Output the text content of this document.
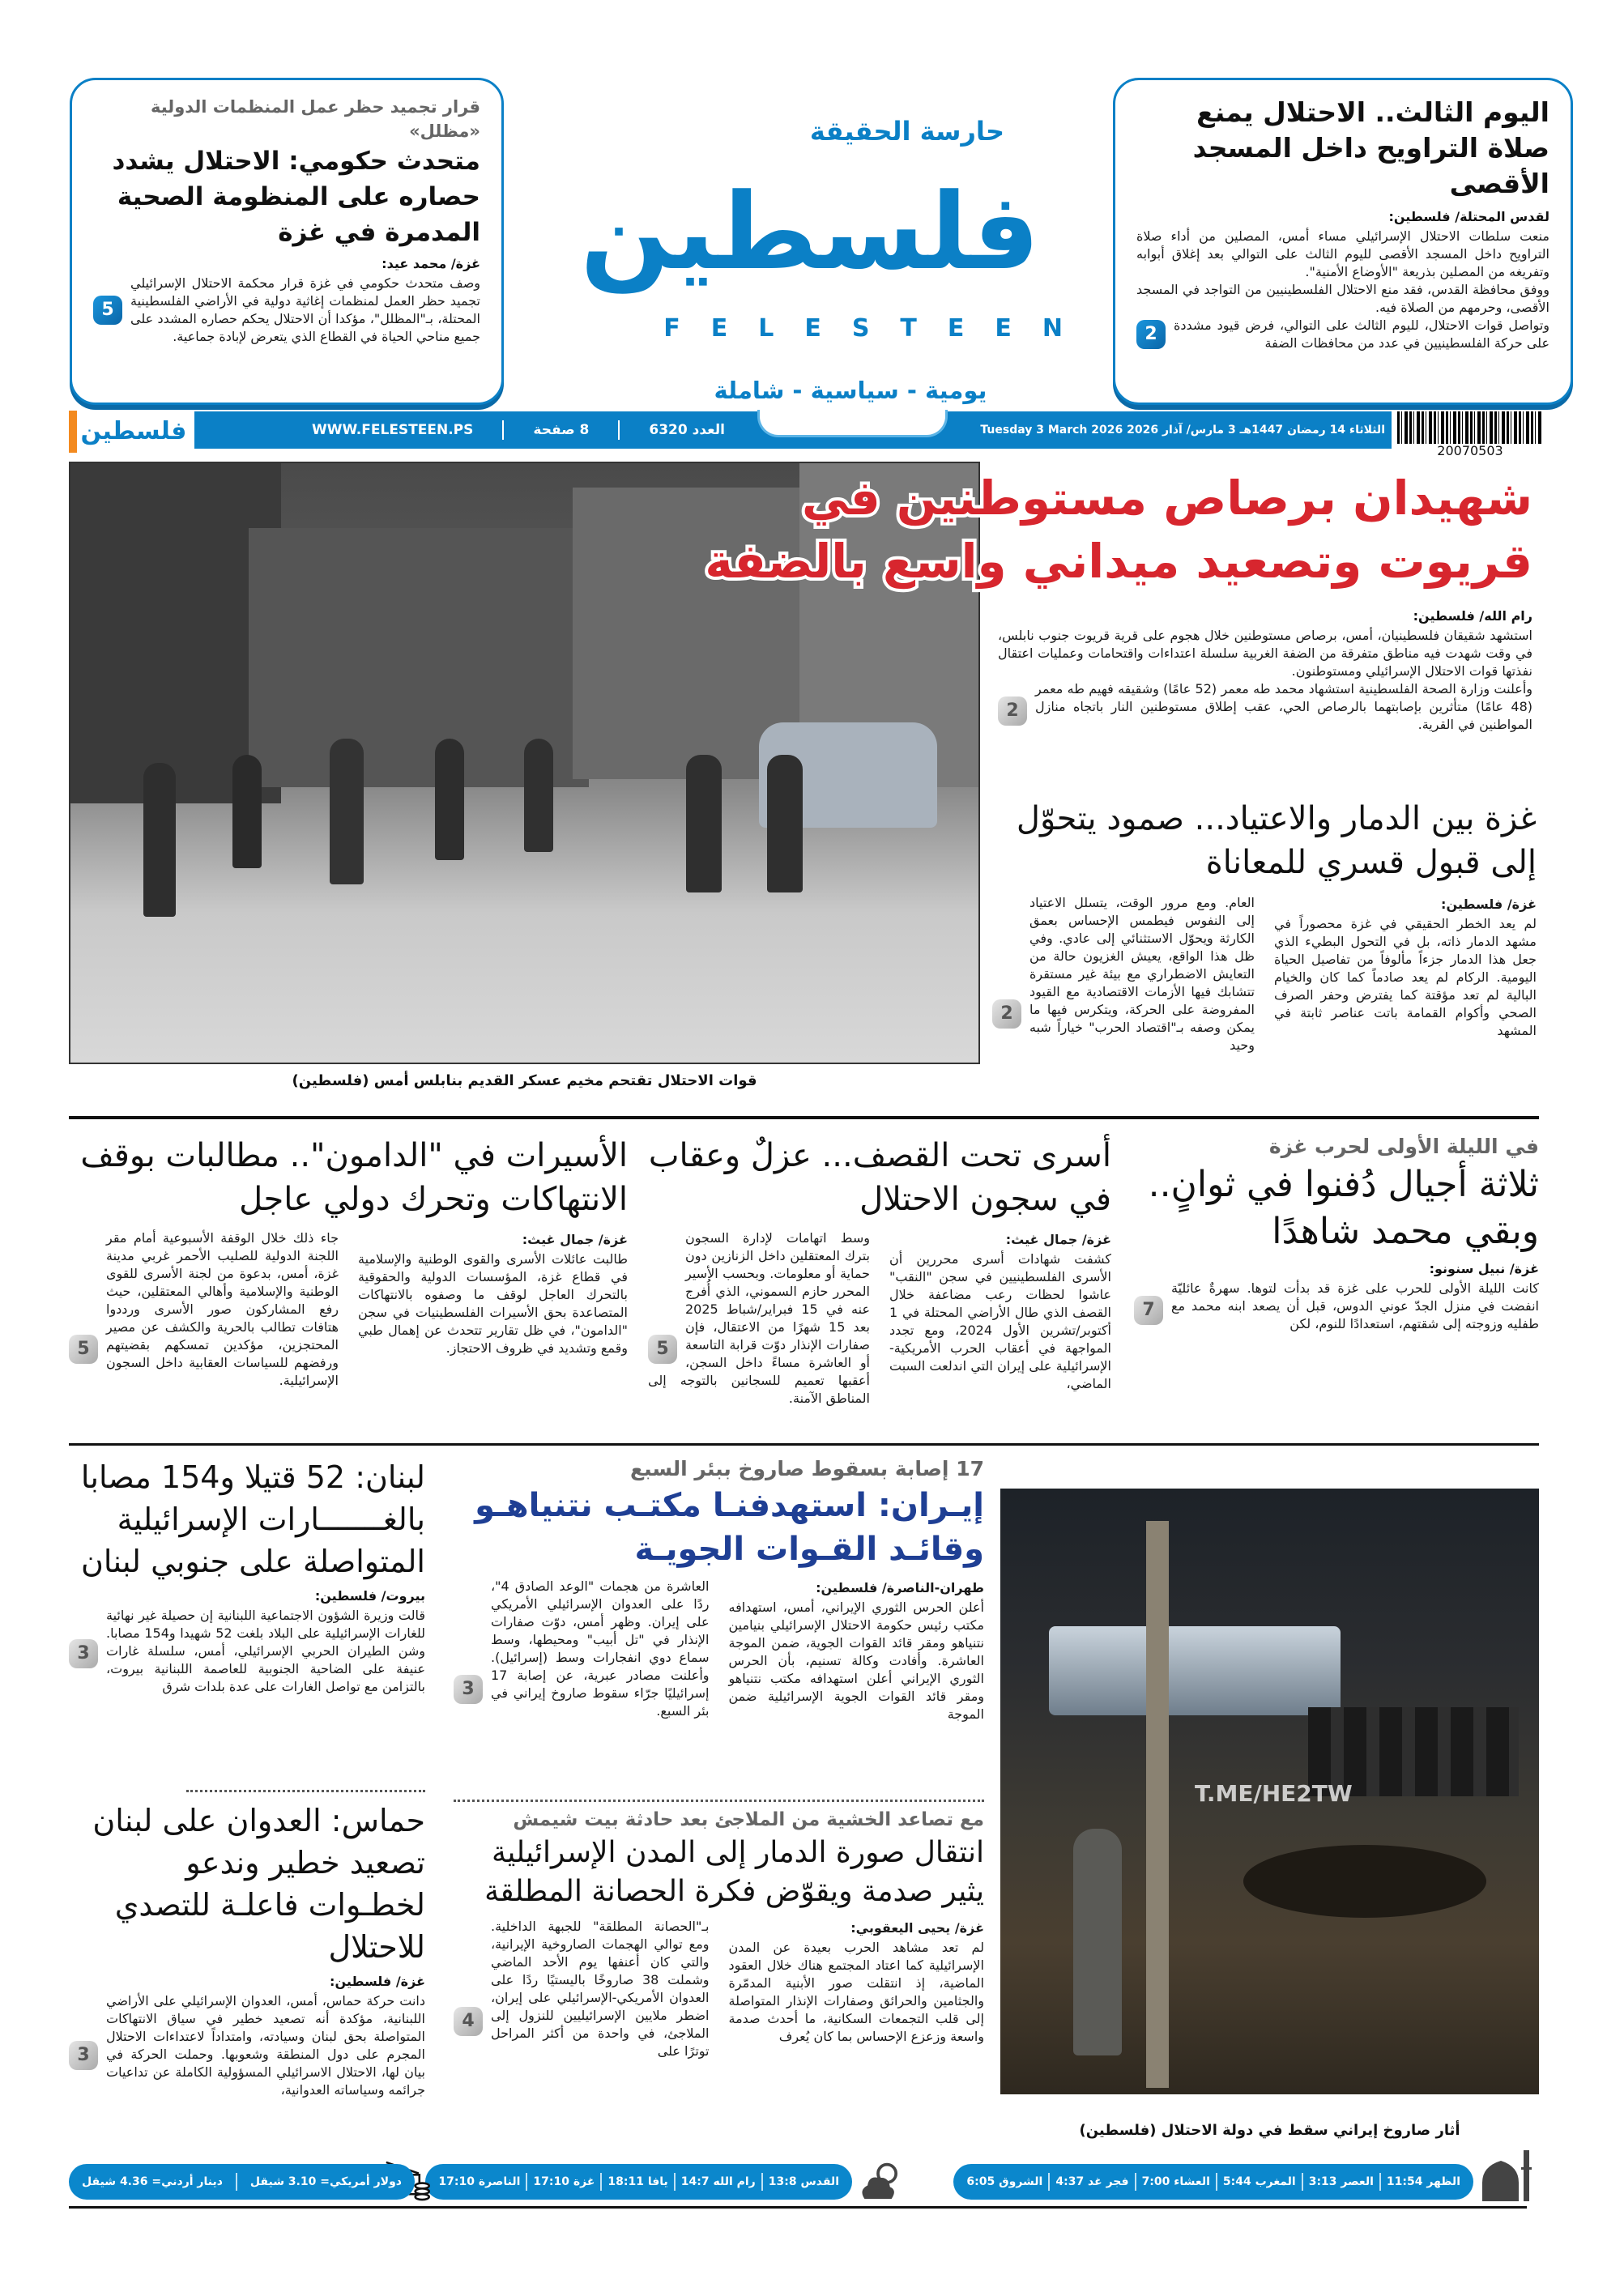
اليوم الثالث.. الاحتلال يمنع صلاة التراويح داخل المسجد الأقصى
لقدس المحتلة/ فلسطين:

منعت سلطات الاحتلال الإسرائيلي مساء أمس، المصلين من أداء صلاة التراويح داخل المسجد الأقصى لليوم الثالث على التوالي بعد إغلاق أبوابه وتفريغه من المصلين بذريعة "الأوضاع الأمنية".

ووفق محافظة القدس، فقد منع الاحتلال الفلسطينيين من التواجد في المسجد الأقصى، وحرمهم من الصلاة فيه.

2	وتواصل قوات الاحتلال، لليوم الثالث على التوالي، فرض قيود مشددة على حركة الفلسطينيين في عدد من محافظات الضفة

قرار تجميد حظر عمل المنظمات الدولية «مظلل»
متحدث حكومي: الاحتلال يشدد حصاره على المنظومة الصحية المدمرة في غزة
غزة/ محمد عيد:
5

وصف متحدث حكومي في غزة قرار محكمة الاحتلال الإسرائيلي تجميد حظر العمل لمنظمات إغاثية دولية في الأراضي الفلسطينية المحتلة، بـ"المظلل"، مؤكدا أن الاحتلال يحكم حصاره المشدد على جميع مناحي الحياة في القطاع الذي يتعرض لإبادة جماعية.

حارسة الحقيقة
فلسطين
FELESTEEN
يومية - سياسية - شاملة
فلسطين	الثلاثاء 14 رمضان 1447هـ 3 مارس/ آذار 2026 Tuesday 3 March 2026
العدد 6320
8 صفحة
WWW.FELESTEEN.PS
20070503
قوات الاحتلال تقتحم مخيم عسكر القديم بنابلس أمس (فلسطين)
شهيدان برصاص مستوطنين في
قريوت وتصعيد ميداني واسع بالضفة
رام الله/ فلسطين:

استشهد شقيقان فلسطينيان، أمس، برصاص مستوطنين خلال هجوم على قرية قريوت جنوب نابلس، في وقت شهدت فيه مناطق متفرقة من الضفة الغربية سلسلة اعتداءات واقتحامات وعمليات اعتقال نفذتها قوات الاحتلال الإسرائيلي ومستوطنون.

2

وأعلنت وزارة الصحة الفلسطينية استشهاد محمد طه معمر (52 عامًا) وشقيقه فهيم طه معمر (48 عامًا) متأثرين بإصابتهما بالرصاص الحي، عقب إطلاق مستوطنين النار باتجاه منازل المواطنين في القرية.

غزة بين الدمار والاعتياد... صمود يتحوّل إلى قبول قسري للمعاناة
غزة/ فلسطين:

لم يعد الخطر الحقيقي في غزة محصوراً في مشهد الدمار ذاته، بل في التحول البطيء الذي جعل هذا الدمار جزءاً مألوفاً من تفاصيل الحياة اليومية. الركام لم يعد صادماً كما كان والخيام البالية لم تعد مؤقتة كما يفترض وحفر الصرف الصحي وأكوام القمامة باتت عناصر ثابتة في المشهد

2

العام. ومع مرور الوقت، يتسلل الاعتياد إلى النفوس فيطمس الإحساس بعمق الكارثة ويحوّل الاستثنائي إلى عادي. وفي ظل هذا الواقع، يعيش الغزيون حالة من التعايش الاضطراري مع بيئة غير مستقرة تتشابك فيها الأزمات الاقتصادية مع القيود المفروضة على الحركة، ويتكرس فيها ما يمكن وصفه بـ"اقتصاد الحرب" خياراً شبه وحيد

في الليلة الأولى لحرب غزة
ثلاثة أجيال دُفنوا في ثوانٍ.. وبقي محمد شاهدًا
غزة/ نبيل سنونو:
7

كانت الليلة الأولى للحرب على غزة قد بدأت لتوها. سهرةٌ عائليّة انفضت في منزل الجدّ عوني الدوس، قبل أن يصعد ابنه محمد مع طفليه وزوجته إلى شقتهم، استعدادًا للنوم، لكن

أسرى تحت القصف... عزلٌ وعقاب في سجون الاحتلال
غزة/ جمال غيث:

كشفت شهادات أسرى محررين أن الأسرى الفلسطينيين في سجن "النقب" عاشوا لحظات رعب مضاعفة خلال القصف الذي طال الأراضي المحتلة في 1 أكتوبر/تشرين الأول 2024، ومع تجدد المواجهة في أعقاب الحرب الأمريكية-الإسرائيلية على إيران التي اندلعت السبت الماضي،

5

وسط اتهامات لإدارة السجون بترك المعتقلين داخل الزنازين دون حماية أو معلومات. وبحسب الأسير المحرر حازم السموني، الذي أُفرج عنه في 15 فبراير/شباط 2025 بعد 15 شهرًا من الاعتقال، فإن صفارات الإنذار دوّت قرابة التاسعة أو العاشرة مساءً داخل السجن، أعقبها تعميم للسجانين بالتوجه إلى المناطق الآمنة.

الأسيرات في "الدامون".. مطالبات بوقف الانتهاكات وتحرك دولي عاجل
غزة/ جمال غيث:

طالبت عائلات الأسرى والقوى الوطنية والإسلامية في قطاع غزة، المؤسسات الدولية والحقوقية بالتحرك العاجل لوقف ما وصفوه بالانتهاكات المتصاعدة بحق الأسيرات الفلسطينيات في سجن "الدامون"، في ظل تقارير تتحدث عن إهمال طبي وقمع وتشديد في ظروف الاحتجاز.

5

جاء ذلك خلال الوقفة الأسبوعية أمام مقر اللجنة الدولية للصليب الأحمر غربي مدينة غزة، أمس، بدعوة من لجنة الأسرى للقوى الوطنية والإسلامية وأهالي المعتقلين، حيث رفع المشاركون صور الأسرى ورددوا هتافات تطالب بالحرية والكشف عن مصير المحتجزين، مؤكدين تمسكهم بقضيتهم ورفضهم للسياسات العقابية داخل السجون الإسرائيلية.

17 إصابة بسقوط صاروخ ببئر السبع
إيـران: استهدفنـا مكتـب نتنياهـو وقائـد القـوات الجويـة
طهران-الناصرة/ فلسطين:

أعلن الحرس الثوري الإيراني، أمس، استهدافه مكتب رئيس حكومة الاحتلال الإسرائيلي بنيامين نتنياهو ومقر قائد القوات الجوية، ضمن الموجة العاشرة. وأفادت وكالة تسنيم، بأن الحرس الثوري الإيراني أعلن استهدافه مكتب نتنياهو ومقر قائد القوات الجوية الإسرائيلية ضمن الموجة

3

العاشرة من هجمات "الوعد الصادق 4"، ردًا على العدوان الإسرائيلي الأمريكي على إيران. وظهر أمس، دوّت صفارات الإنذار في "تل أبيب" ومحيطها، وسط سماع دوي انفجارات وسط (إسرائيل). وأعلنت مصادر عبرية، عن إصابة 17 إسرائيليًا جرّاء سقوط صاروخ إيراني في بئر السبع.

مع تصاعد الخشية من الملاجئ بعد حادثة بيت شيمش
انتقال صورة الدمار إلى المدن الإسرائيلية يثير صدمة ويقوّض فكرة الحصانة المطلقة
غزة/ يحيى اليعقوبي:

لم تعد مشاهد الحرب بعيدة عن المدن الإسرائيلية كما اعتاد المجتمع هناك خلال العقود الماضية، إذ انتقلت صور الأبنية المدمّرة والجثامين والحرائق وصفارات الإنذار المتواصلة إلى قلب التجمعات السكانية، ما أحدث صدمة واسعة وزعزع الإحساس بما كان يُعرف

4

بـ"الحصانة المطلقة" للجبهة الداخلية. ومع توالي الهجمات الصاروخية الإيرانية، والتي كان أعنفها يوم الأحد الماضي وشملت 38 صاروخًا باليستيًا ردًا على العدوان الأمريكي-الإسرائيلي على إيران، اضطر ملايين الإسرائيليين للنزول إلى الملاجئ، في واحدة من أكثر المراحل توترًا على

لبنان: 52 قتيلا و154 مصابا بالغـــــــارات الإسرائيلية المتواصلة على جنوبي لبنان
بيروت/ فلسطين:
3

قالت وزيرة الشؤون الاجتماعية اللبنانية إن حصيلة غير نهائية للغارات الإسرائيلية على البلاد بلغت 52 شهيدا و154 مصابا. وشن الطيران الحربي الإسرائيلي، أمس، سلسلة غارات عنيفة على الضاحية الجنوبية للعاصمة اللبنانية بيروت، بالتزامن مع تواصل الغارات على عدة بلدات شرق

حماس: العدوان على لبنان تصعيد خطير وندعو لخطـوات فاعلـة للتصدي للاحتلال
غزة/ فلسطين:
3

دانت حركة حماس، أمس، العدوان الإسرائيلي على الأراضي اللبنانية، مؤكدة أنه تصعيد خطير في سياق الانتهاكات المتواصلة بحق لبنان وسيادته، وامتداداً لاعتداءات الاحتلال المجرم على دول المنطقة وشعوبها. وحملت الحركة في بيان لها، الاحتلال الاسرائيلي المسؤولية الكاملة عن تداعيات جرائمه وسياساته العدوانية،

T.ME/HE2TW
أثار صاروخ إيراني سقط في دولة الاحتلال (فلسطين)
الظهر 11:54
العصر 3:13
المغرب 5:44
العشاء 7:00
فجر غد 4:37
الشروق 6:05
القدس 13:8
رام الله 14:7
يافا 18:11
غزة 17:10
الناصرة 17:10
دولار أمريكي= 3.10 شيقل
دينار أردني= 4.36 شيقل
